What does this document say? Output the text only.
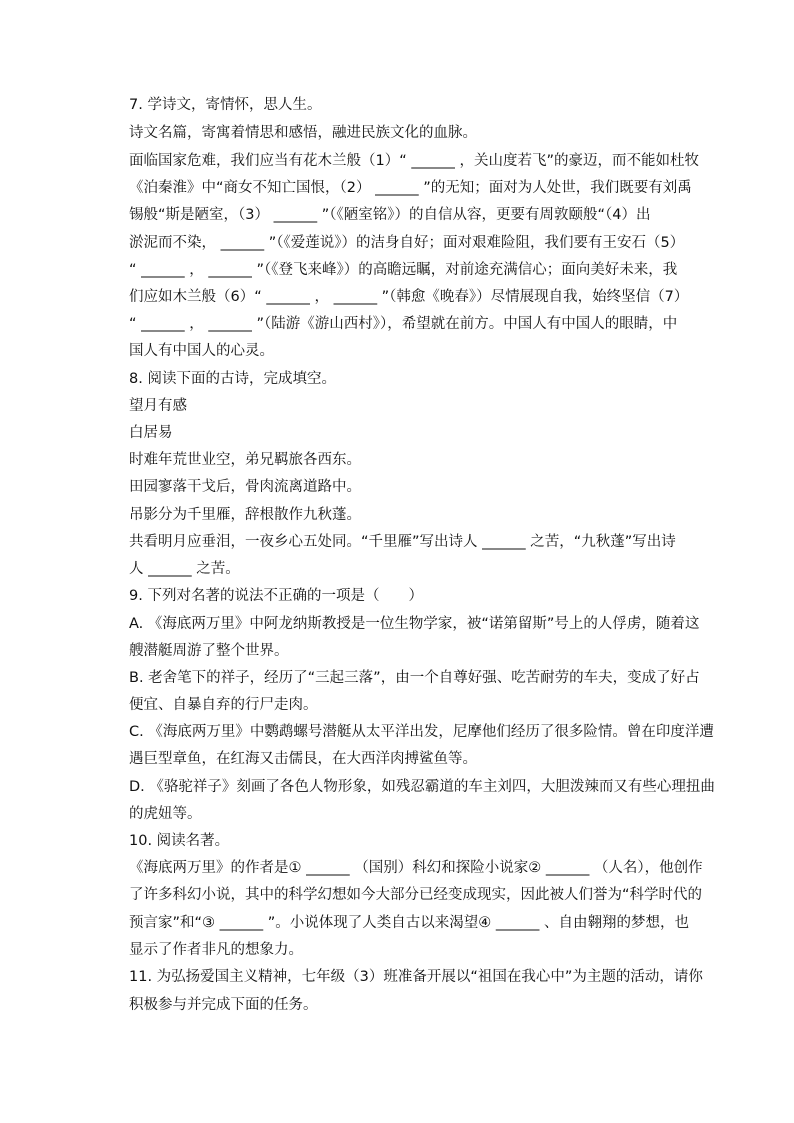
7. 学诗文，寄情怀，思人生。
诗文名篇，寄寓着情思和感悟，融进民族文化的血脉。
面临国家危难，我们应当有花木兰般（1）“ ______ ，关山度若飞”的豪迈，而不能如杜牧
《泊秦淮》中“商女不知亡国恨，（2） ______ ”的无知；面对为人处世，我们既要有刘禹
锡般“斯是陋室，（3） ______ ”（《陋室铭》）的自信从容，更要有周敦颐般“（4）出
淤泥而不染， ______ ”（《爱莲说》）的洁身自好；面对艰难险阻，我们要有王安石（5）
“ ______ ， ______ ”（《登飞来峰》）的高瞻远瞩，对前途充满信心；面向美好未来，我
们应如木兰般（6）“ ______ ， ______ ”（韩愈《晚春》）尽情展现自我，始终坚信（7）
“ ______ ， ______ ”（陆游《游山西村》），希望就在前方。中国人有中国人的眼睛，中
国人有中国人的心灵。
8. 阅读下面的古诗，完成填空。
望月有感
白居易
时难年荒世业空，弟兄羁旅各西东。
田园寥落干戈后，骨肉流离道路中。
吊影分为千里雁，辞根散作九秋蓬。
共看明月应垂泪，一夜乡心五处同。“千里雁”写出诗人 ______ 之苦，“九秋蓬”写出诗
人 ______ 之苦。
9. 下列对名著的说法不正确的一项是（　　）
A. 《海底两万里》中阿龙纳斯教授是一位生物学家，被“诺第留斯”号上的人俘虏，随着这
艘潜艇周游了整个世界。
B. 老舍笔下的祥子，经历了“三起三落”，由一个自尊好强、吃苦耐劳的车夫，变成了好占
便宜、自暴自弃的行尸走肉。
C. 《海底两万里》中鹦鹉螺号潜艇从太平洋出发，尼摩他们经历了很多险情。曾在印度洋遭
遇巨型章鱼，在红海又击儒艮，在大西洋肉搏鲨鱼等。
D. 《骆驼祥子》刻画了各色人物形象，如残忍霸道的车主刘四，大胆泼辣而又有些心理扭曲
的虎妞等。
10. 阅读名著。
《海底两万里》的作者是① ______ （国别）科幻和探险小说家② ______ （人名），他创作
了许多科幻小说，其中的科学幻想如今大部分已经变成现实，因此被人们誉为“科学时代的
预言家”和“③ ______ ”。小说体现了人类自古以来渴望④ ______ 、自由翱翔的梦想，也
显示了作者非凡的想象力。
11. 为弘扬爱国主义精神，七年级（3）班准备开展以“祖国在我心中”为主题的活动，请你
积极参与并完成下面的任务。
